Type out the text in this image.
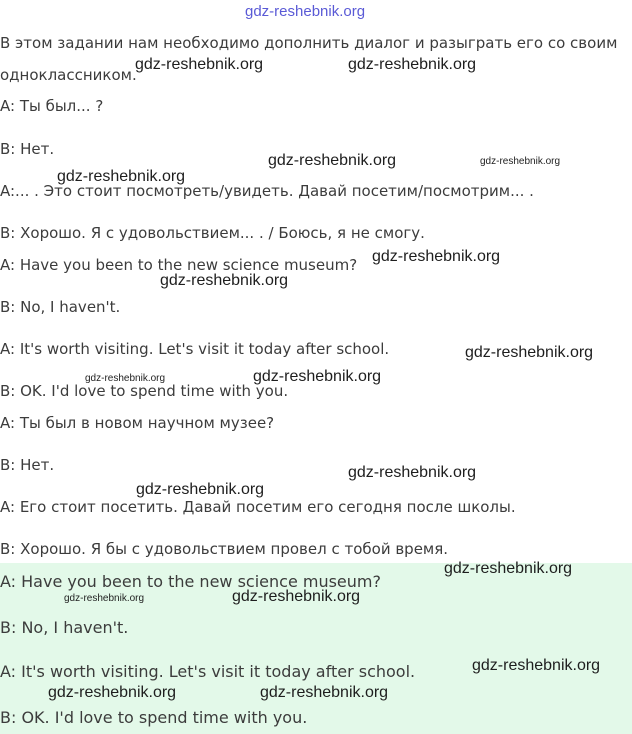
В этом задании нам необходимо дополнить диалог и разыграть его со своим

одноклассником.

A: Ты был... ?

B: Нет.

A:... . Это стоит посмотреть/увидеть. Давай посетим/посмотрим... .

B: Хорошо. Я с удовольствием... . / Боюсь, я не смогу.

A: Have you been to the new science museum?

B: No, I haven't.

A: It's worth visiting. Let's visit it today after school.

B: OK. I'd love to spend time with you.

A: Ты был в новом научном музее?

B: Нет.

A: Его стоит посетить. Давай посетим его сегодня после школы.

B: Хорошо. Я бы с удовольствием провел с тобой время.

A: Have you been to the new science museum?

B: No, I haven't.

A: It's worth visiting. Let's visit it today after school.

B: OK. I'd love to spend time with you.

gdz-reshebnik.org
gdz-reshebnik.org	gdz-reshebnik.org
gdz-reshebnik.org	gdz-reshebnik.org
gdz-reshebnik.org
gdz-reshebnik.org
gdz-reshebnik.org
gdz-reshebnik.org
gdz-reshebnik.org	gdz-reshebnik.org
gdz-reshebnik.org
gdz-reshebnik.org
gdz-reshebnik.org
gdz-reshebnik.org	gdz-reshebnik.org
gdz-reshebnik.org
gdz-reshebnik.org	gdz-reshebnik.org
